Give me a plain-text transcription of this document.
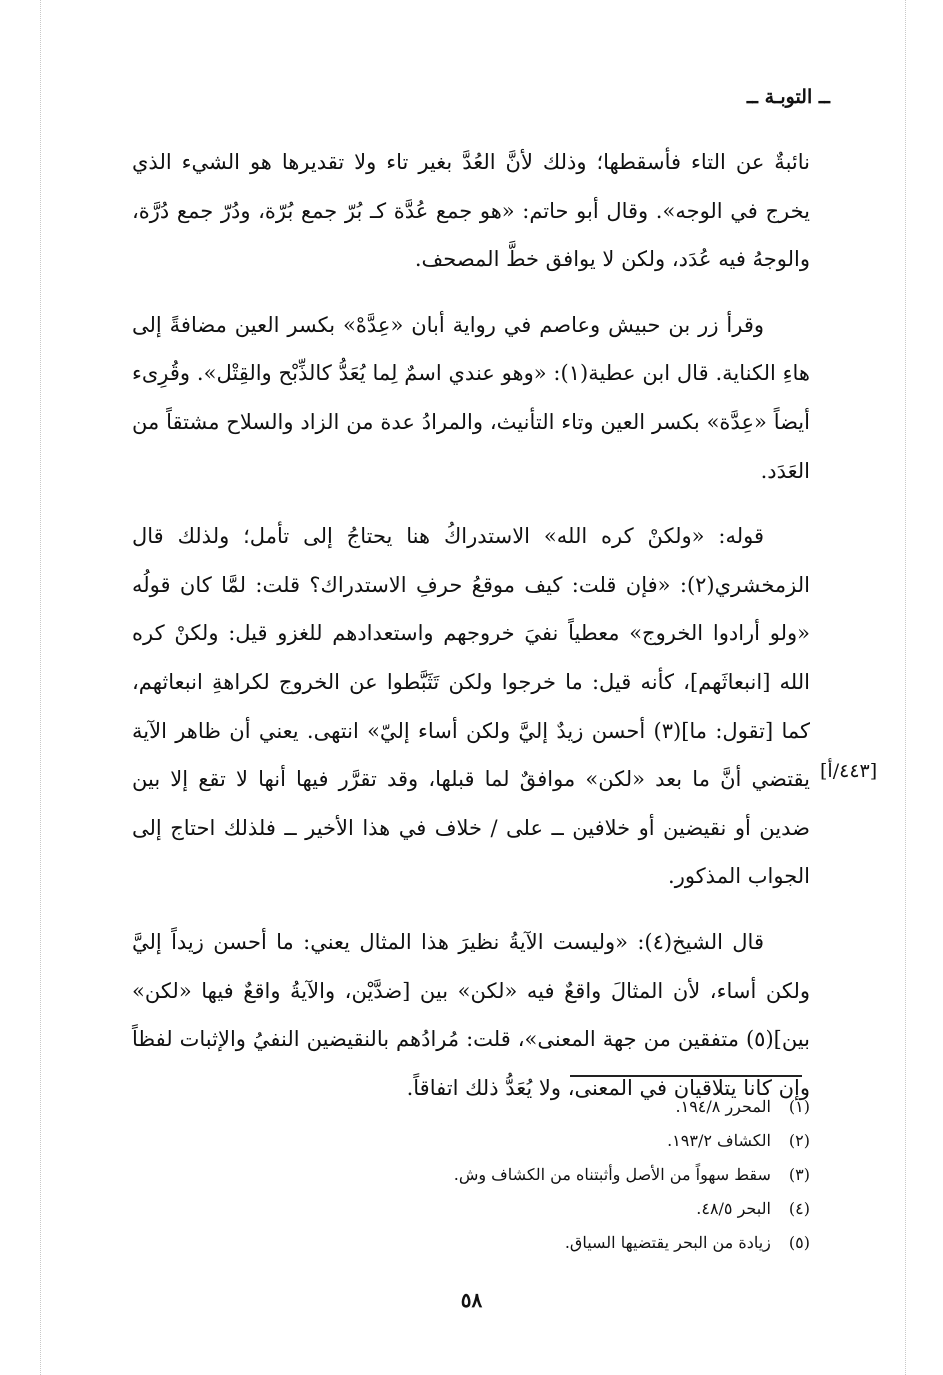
ــ التوبـة ــ

نائبةٌ عن التاء فأسقطها؛ وذلك لأنَّ العُدَّ بغير تاء ولا تقديرها هو الشيء الذي يخرج في الوجه». وقال أبو حاتم: «هو جمع عُدَّة كـ بُرّ جمع بُرّة، ودُرّ جمع دُرَّة، والوجهُ فيه عُدَد، ولكن لا يوافق خطَّ المصحف.

وقرأ زر بن حبيش وعاصم في رواية أبان «عِدَّهْ» بكسر العين مضافةً إلى هاءِ الكناية. قال ابن عطية(١): «وهو عندي اسمٌ لِما يُعَدُّ كالذِّبْح والقِتْل». وقُرِىء أيضاً «عِدَّة» بكسر العين وتاء التأنيث، والمرادُ عدة من الزاد والسلاح مشتقاً من العَدَد.

قوله: «ولكنْ كره الله» الاستدراكُ هنا يحتاجُ إلى تأمل؛ ولذلك قال الزمخشري(٢): «فإن قلت: كيف موقعُ حرفِ الاستدراك؟ قلت: لمَّا كان قولُه «ولو أرادوا الخروج» معطياً نفيَ خروجهم واستعدادهم للغزو قيل: ولكنْ كره الله [انبعاثَهم]، كأنه قيل: ما خرجوا ولكن تَثَبَّطوا عن الخروج لكراهةِ انبعاثهم، كما [تقول: ما](٣) أحسن زيدٌ إليَّ ولكن أساء إليّ» انتهى. يعني أن ظاهر الآية يقتضي أنَّ ما بعد «لكن» موافقٌ لما قبلها، وقد تقرَّر فيها أنها لا تقع إلا بين ضدين أو نقيضين أو خلافين ــ على / خلاف في هذا الأخير ــ فلذلك احتاج إلى الجواب المذكور.

قال الشيخ(٤): «وليست الآيةُ نظيرَ هذا المثال يعني: ما أحسن زيداً إليَّ ولكن أساء، لأن المثالَ واقعٌ فيه «لكن» بين [ضدَّيْن، والآيةُ واقعٌ فيها «لكن» بين](٥) متفقين من جهة المعنى»، قلت: مُرادُهم بالنقيضين النفيُ والإثبات لفظاً وإن كانا يتلاقيان في المعنى، ولا يُعَدُّ ذلك اتفاقاً.

[٤٤٣/أ]
(١) المحرر ١٩٤/٨.
(٢) الكشاف ١٩٣/٢.
(٣) سقط سهواً من الأصل وأثبتناه من الكشاف وش.
(٤) البحر ٤٨/٥.
(٥) زيادة من البحر يقتضيها السياق.
٥٨
